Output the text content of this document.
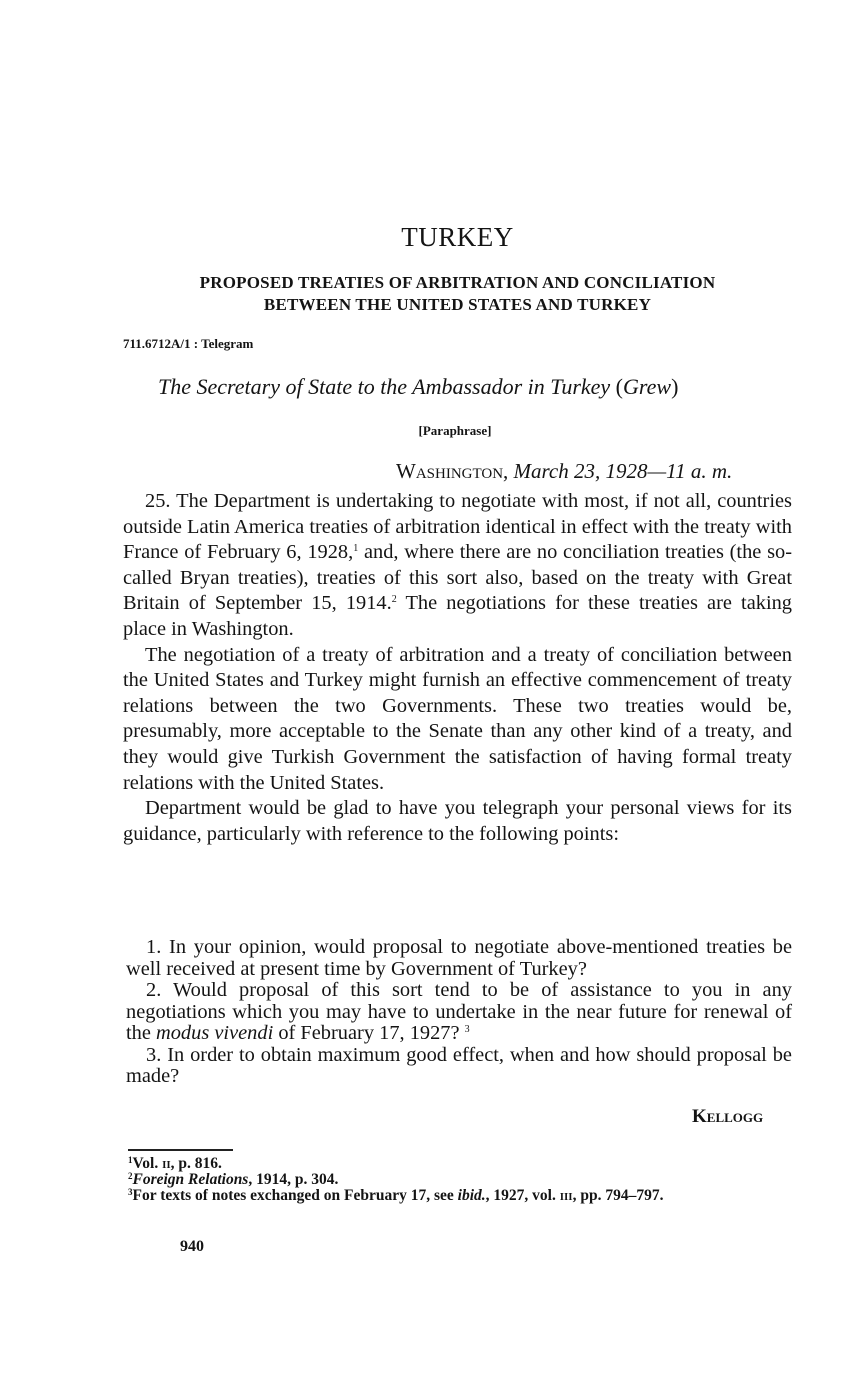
TURKEY
PROPOSED TREATIES OF ARBITRATION AND CONCILIATION
BETWEEN THE UNITED STATES AND TURKEY
711.6712A/1 : Telegram
The Secretary of State to the Ambassador in Turkey (Grew)
[Paraphrase]
Washington, March 23, 1928—11 a. m.

25. The Department is undertaking to negotiate with most, if not all, countries outside Latin America treaties of arbitration identical in effect with the treaty with France of February 6, 1928,$^1$ and, where there are no conciliation treaties (the so-called Bryan treaties), treaties of this sort also, based on the treaty with Great Britain of September 15, 1914.$^2$ The negotiations for these treaties are taking place in Washington.

The negotiation of a treaty of arbitration and a treaty of conciliation between the United States and Turkey might furnish an effective commencement of treaty relations between the two Governments. These two treaties would be, presumably, more acceptable to the Senate than any other kind of a treaty, and they would give Turkish Government the satisfaction of having formal treaty relations with the United States.

Department would be glad to have you telegraph your personal views for its guidance, particularly with reference to the following points:

1. In your opinion, would proposal to negotiate above-mentioned treaties be well received at present time by Government of Turkey?

2. Would proposal of this sort tend to be of assistance to you in any negotiations which you may have to undertake in the near future for renewal of the modus vivendi of February 17, 1927? $^3$

3. In order to obtain maximum good effect, when and how should proposal be made?

Kellogg
$^1$Vol. ii, p. 816.
$^2$Foreign Relations, 1914, p. 304.
$^3$For texts of notes exchanged on February 17, see ibid., 1927, vol. iii, pp. 794–797.
940
